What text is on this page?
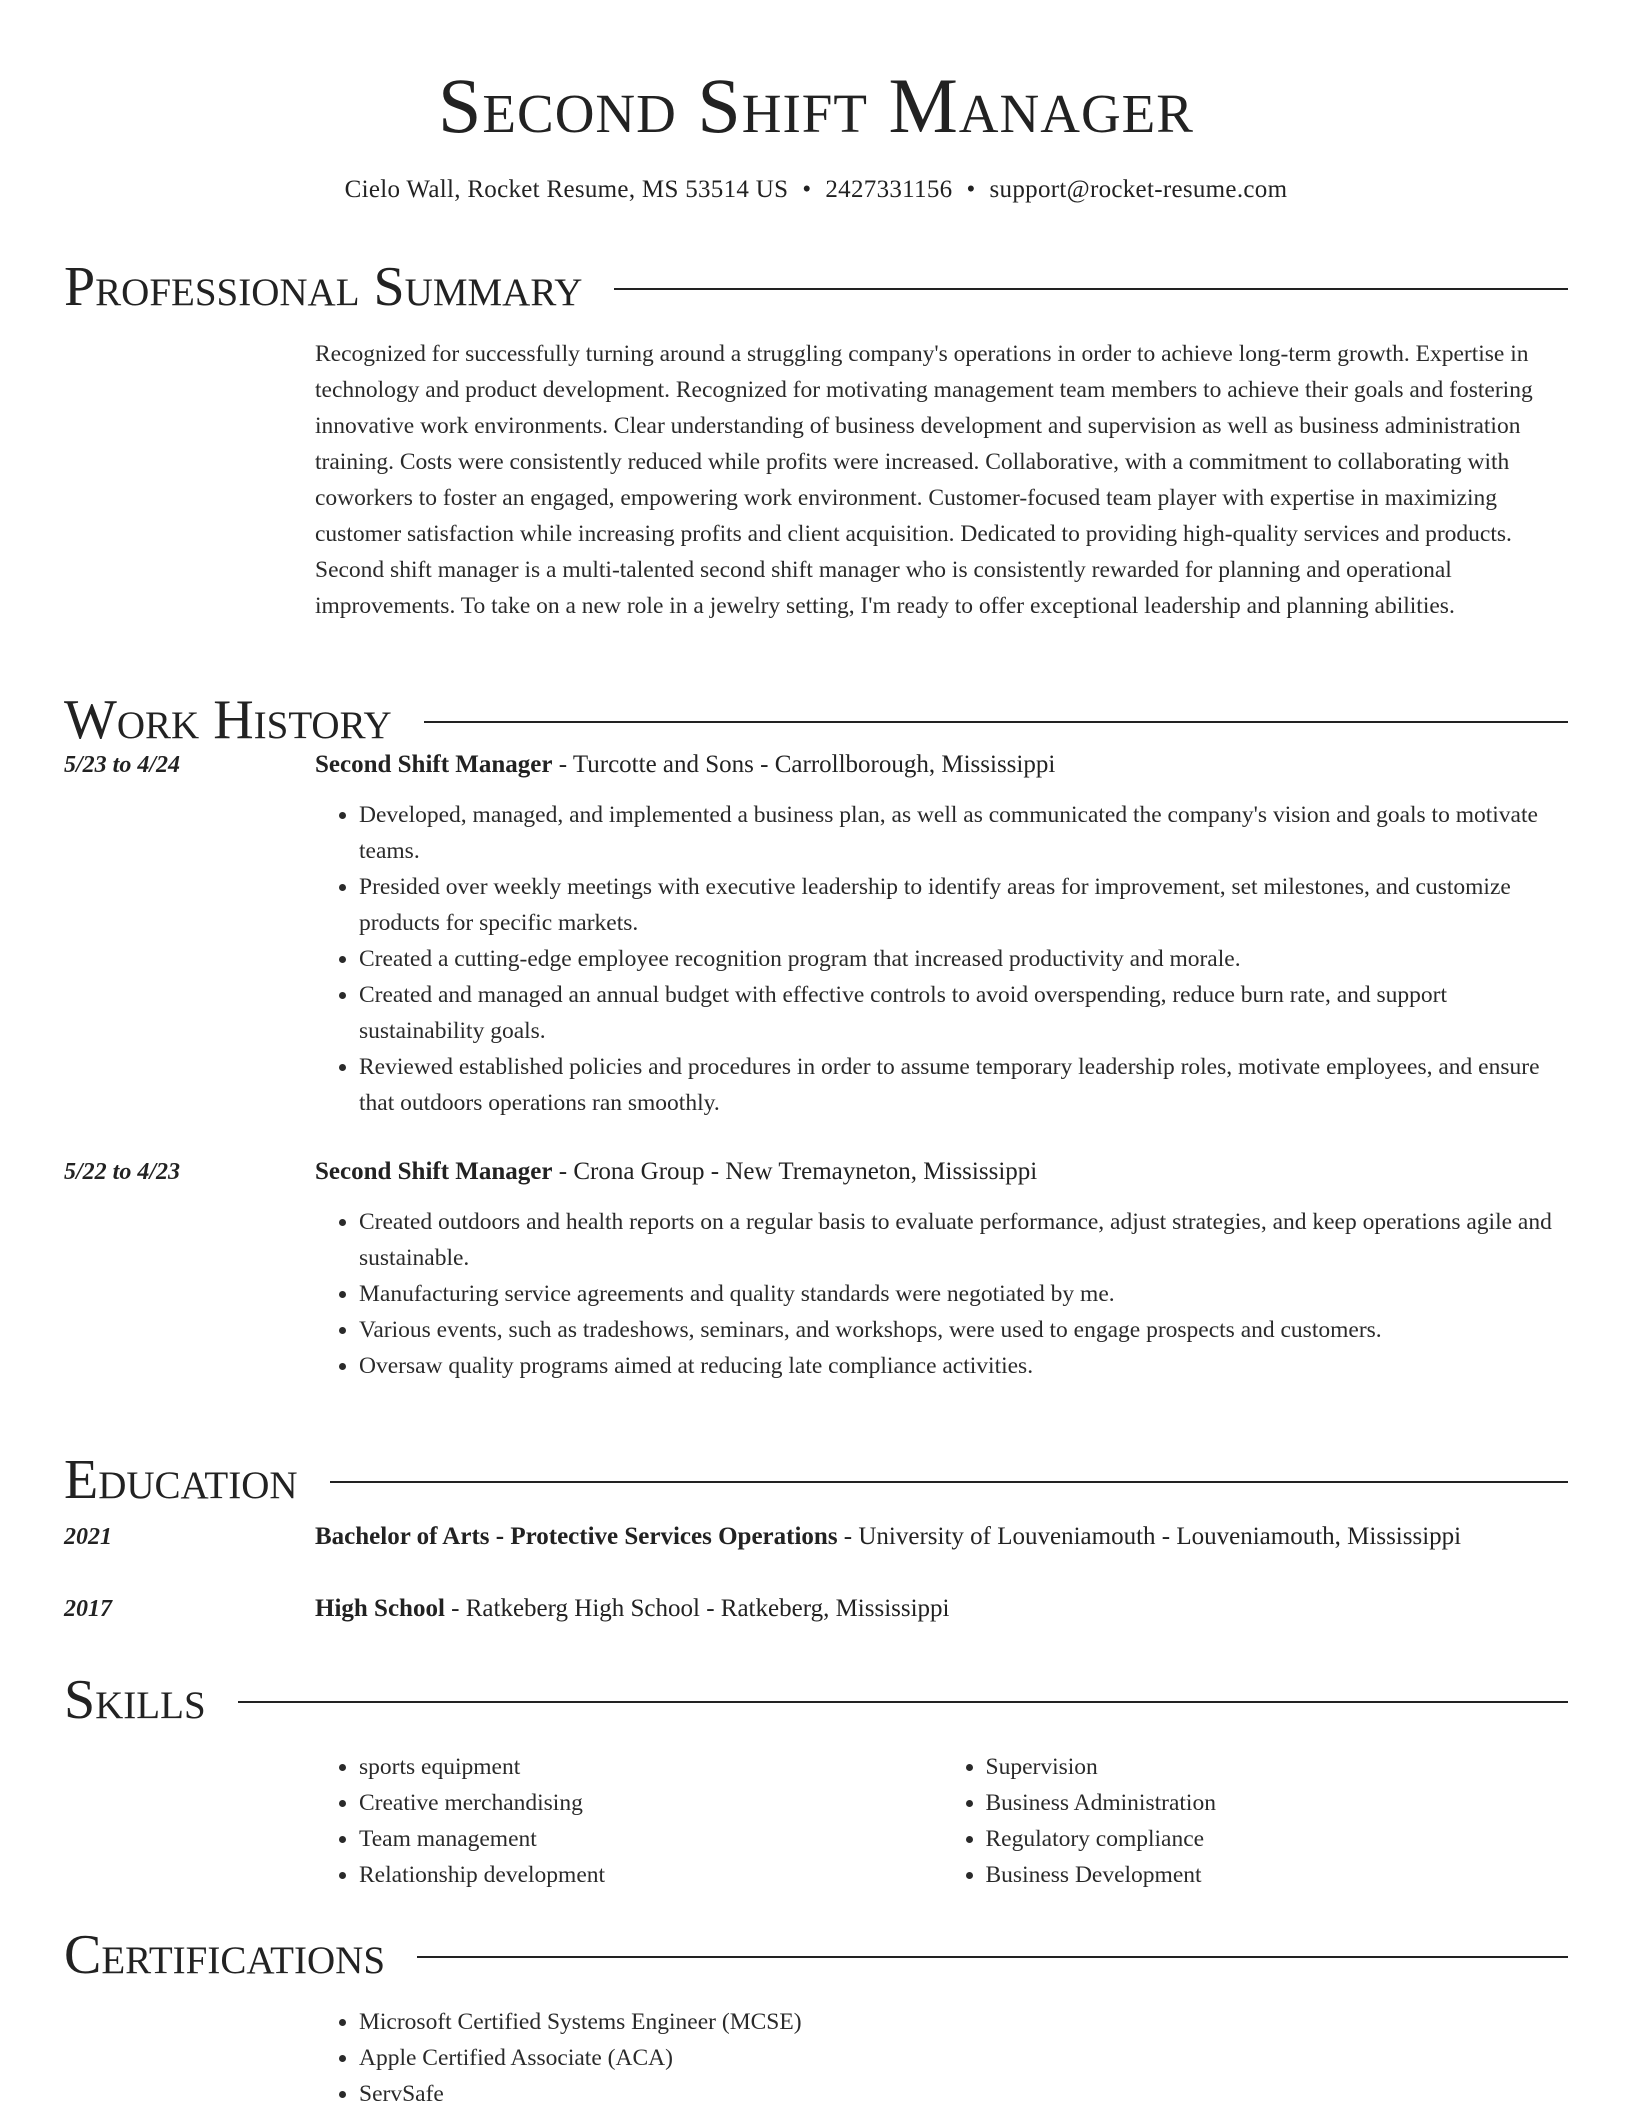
Second Shift Manager
Cielo Wall, Rocket Resume, MS 53514 US • 2427331156 • support@rocket-resume.com
Professional Summary
Recognized for successfully turning around a struggling company's operations in order to achieve long-term growth. Expertise in technology and product development. Recognized for motivating management team members to achieve their goals and fostering innovative work environments. Clear understanding of business development and supervision as well as business administration training. Costs were consistently reduced while profits were increased. Collaborative, with a commitment to collaborating with coworkers to foster an engaged, empowering work environment. Customer-focused team player with expertise in maximizing customer satisfaction while increasing profits and client acquisition. Dedicated to providing high-quality services and products. Second shift manager is a multi-talented second shift manager who is consistently rewarded for planning and operational improvements. To take on a new role in a jewelry setting, I'm ready to offer exceptional leadership and planning abilities.
Work History
5/23 to 4/24	Second Shift Manager - Turcotte and Sons - Carrollborough, Mississippi
• Developed, managed, and implemented a business plan, as well as communicated the company's vision and goals to motivate teams.
• Presided over weekly meetings with executive leadership to identify areas for improvement, set milestones, and customize products for specific markets.
• Created a cutting-edge employee recognition program that increased productivity and morale.
• Created and managed an annual budget with effective controls to avoid overspending, reduce burn rate, and support sustainability goals.
• Reviewed established policies and procedures in order to assume temporary leadership roles, motivate employees, and ensure that outdoors operations ran smoothly.
5/22 to 4/23	Second Shift Manager - Crona Group - New Tremayneton, Mississippi
• Created outdoors and health reports on a regular basis to evaluate performance, adjust strategies, and keep operations agile and sustainable.
• Manufacturing service agreements and quality standards were negotiated by me.
• Various events, such as tradeshows, seminars, and workshops, were used to engage prospects and customers.
• Oversaw quality programs aimed at reducing late compliance activities.
Education
2021	Bachelor of Arts - Protective Services Operations - University of Louveniamouth - Louveniamouth, Mississippi
2017	High School - Ratkeberg High School - Ratkeberg, Mississippi
Skills
• sports equipment
• Creative merchandising
• Team management
• Relationship development
• Supervision
• Business Administration
• Regulatory compliance
• Business Development
Certifications
• Microsoft Certified Systems Engineer (MCSE)
• Apple Certified Associate (ACA)
• ServSafe
